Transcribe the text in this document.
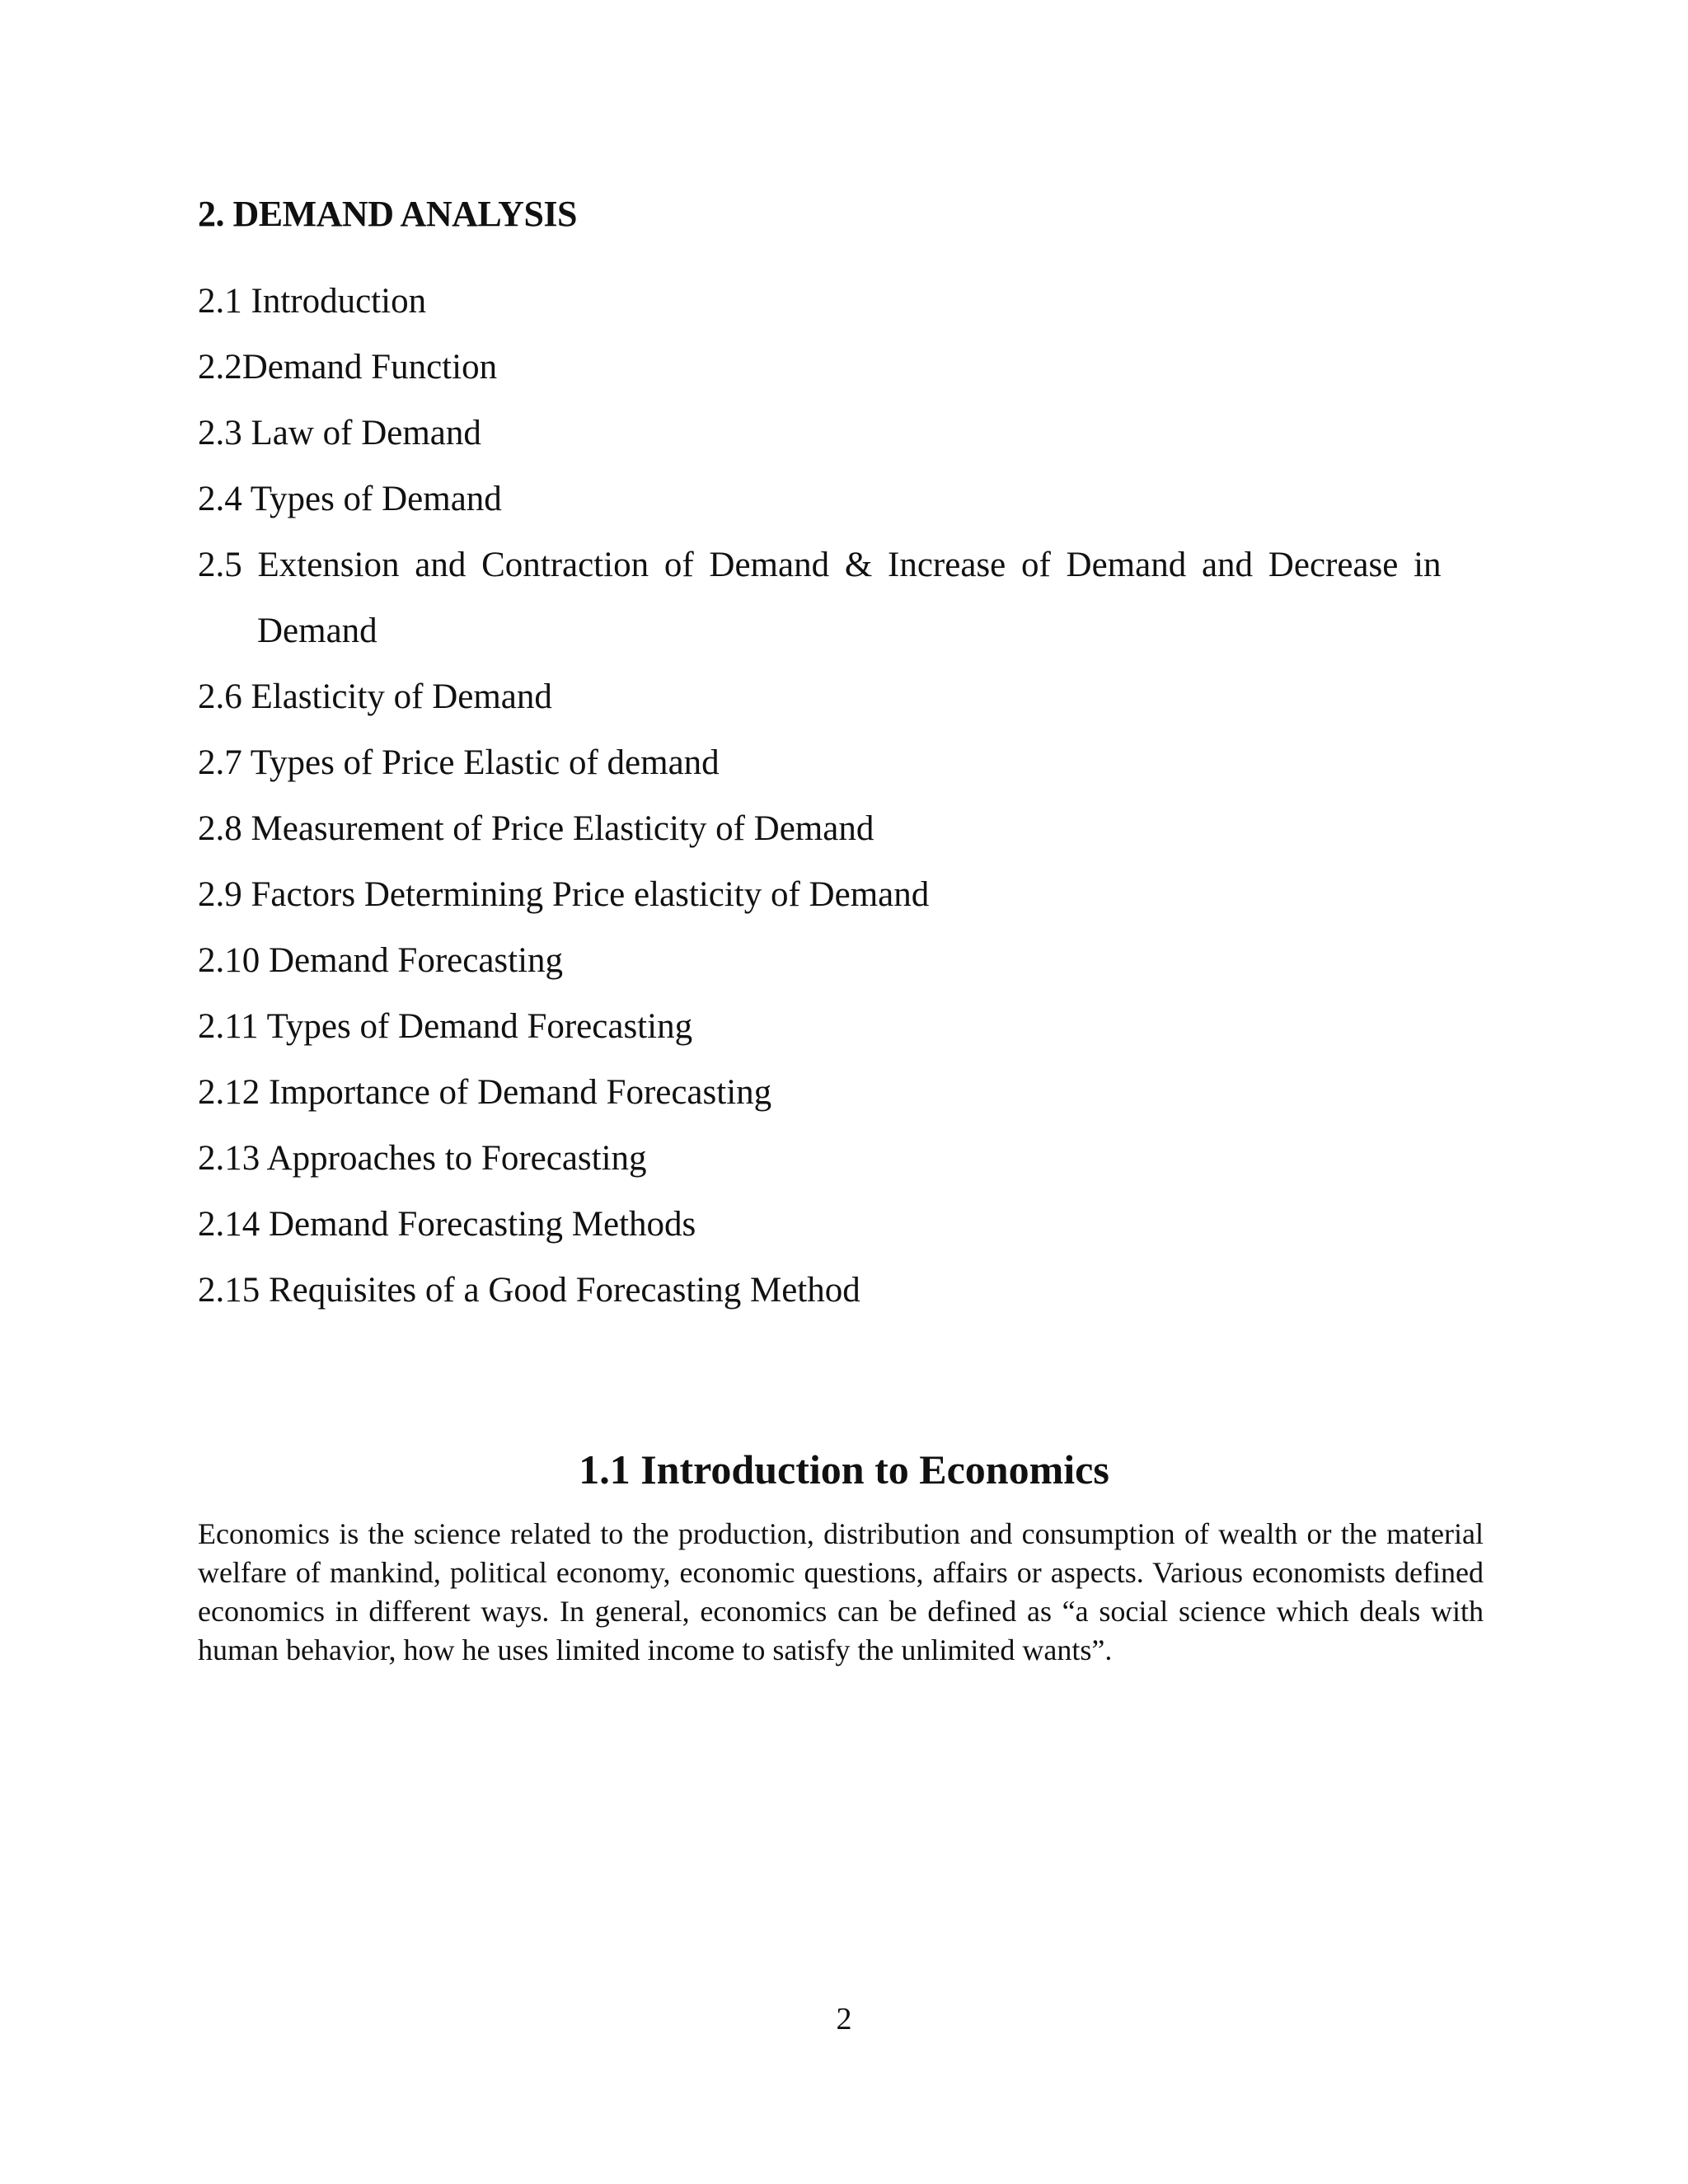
2. DEMAND ANALYSIS
2.1 Introduction
2.2Demand Function
2.3 Law of Demand
2.4 Types of Demand
2.5 Extension and Contraction of Demand & Increase of Demand and Decrease in Demand
2.6 Elasticity of Demand
2.7 Types of Price Elastic of demand
2.8 Measurement of Price Elasticity of Demand
2.9 Factors Determining Price elasticity of Demand
2.10 Demand Forecasting
2.11 Types of Demand Forecasting
2.12 Importance of Demand Forecasting
2.13 Approaches to Forecasting
2.14 Demand Forecasting Methods
2.15 Requisites of a Good Forecasting Method
1.1 Introduction to Economics

Economics is the science related to the production, distribution and consumption of wealth or the material welfare of mankind, political economy, economic questions, affairs or aspects. Various economists defined economics in different ways. In general, economics can be defined as “a social science which deals with human behavior, how he uses limited income to satisfy the unlimited wants”.

2
